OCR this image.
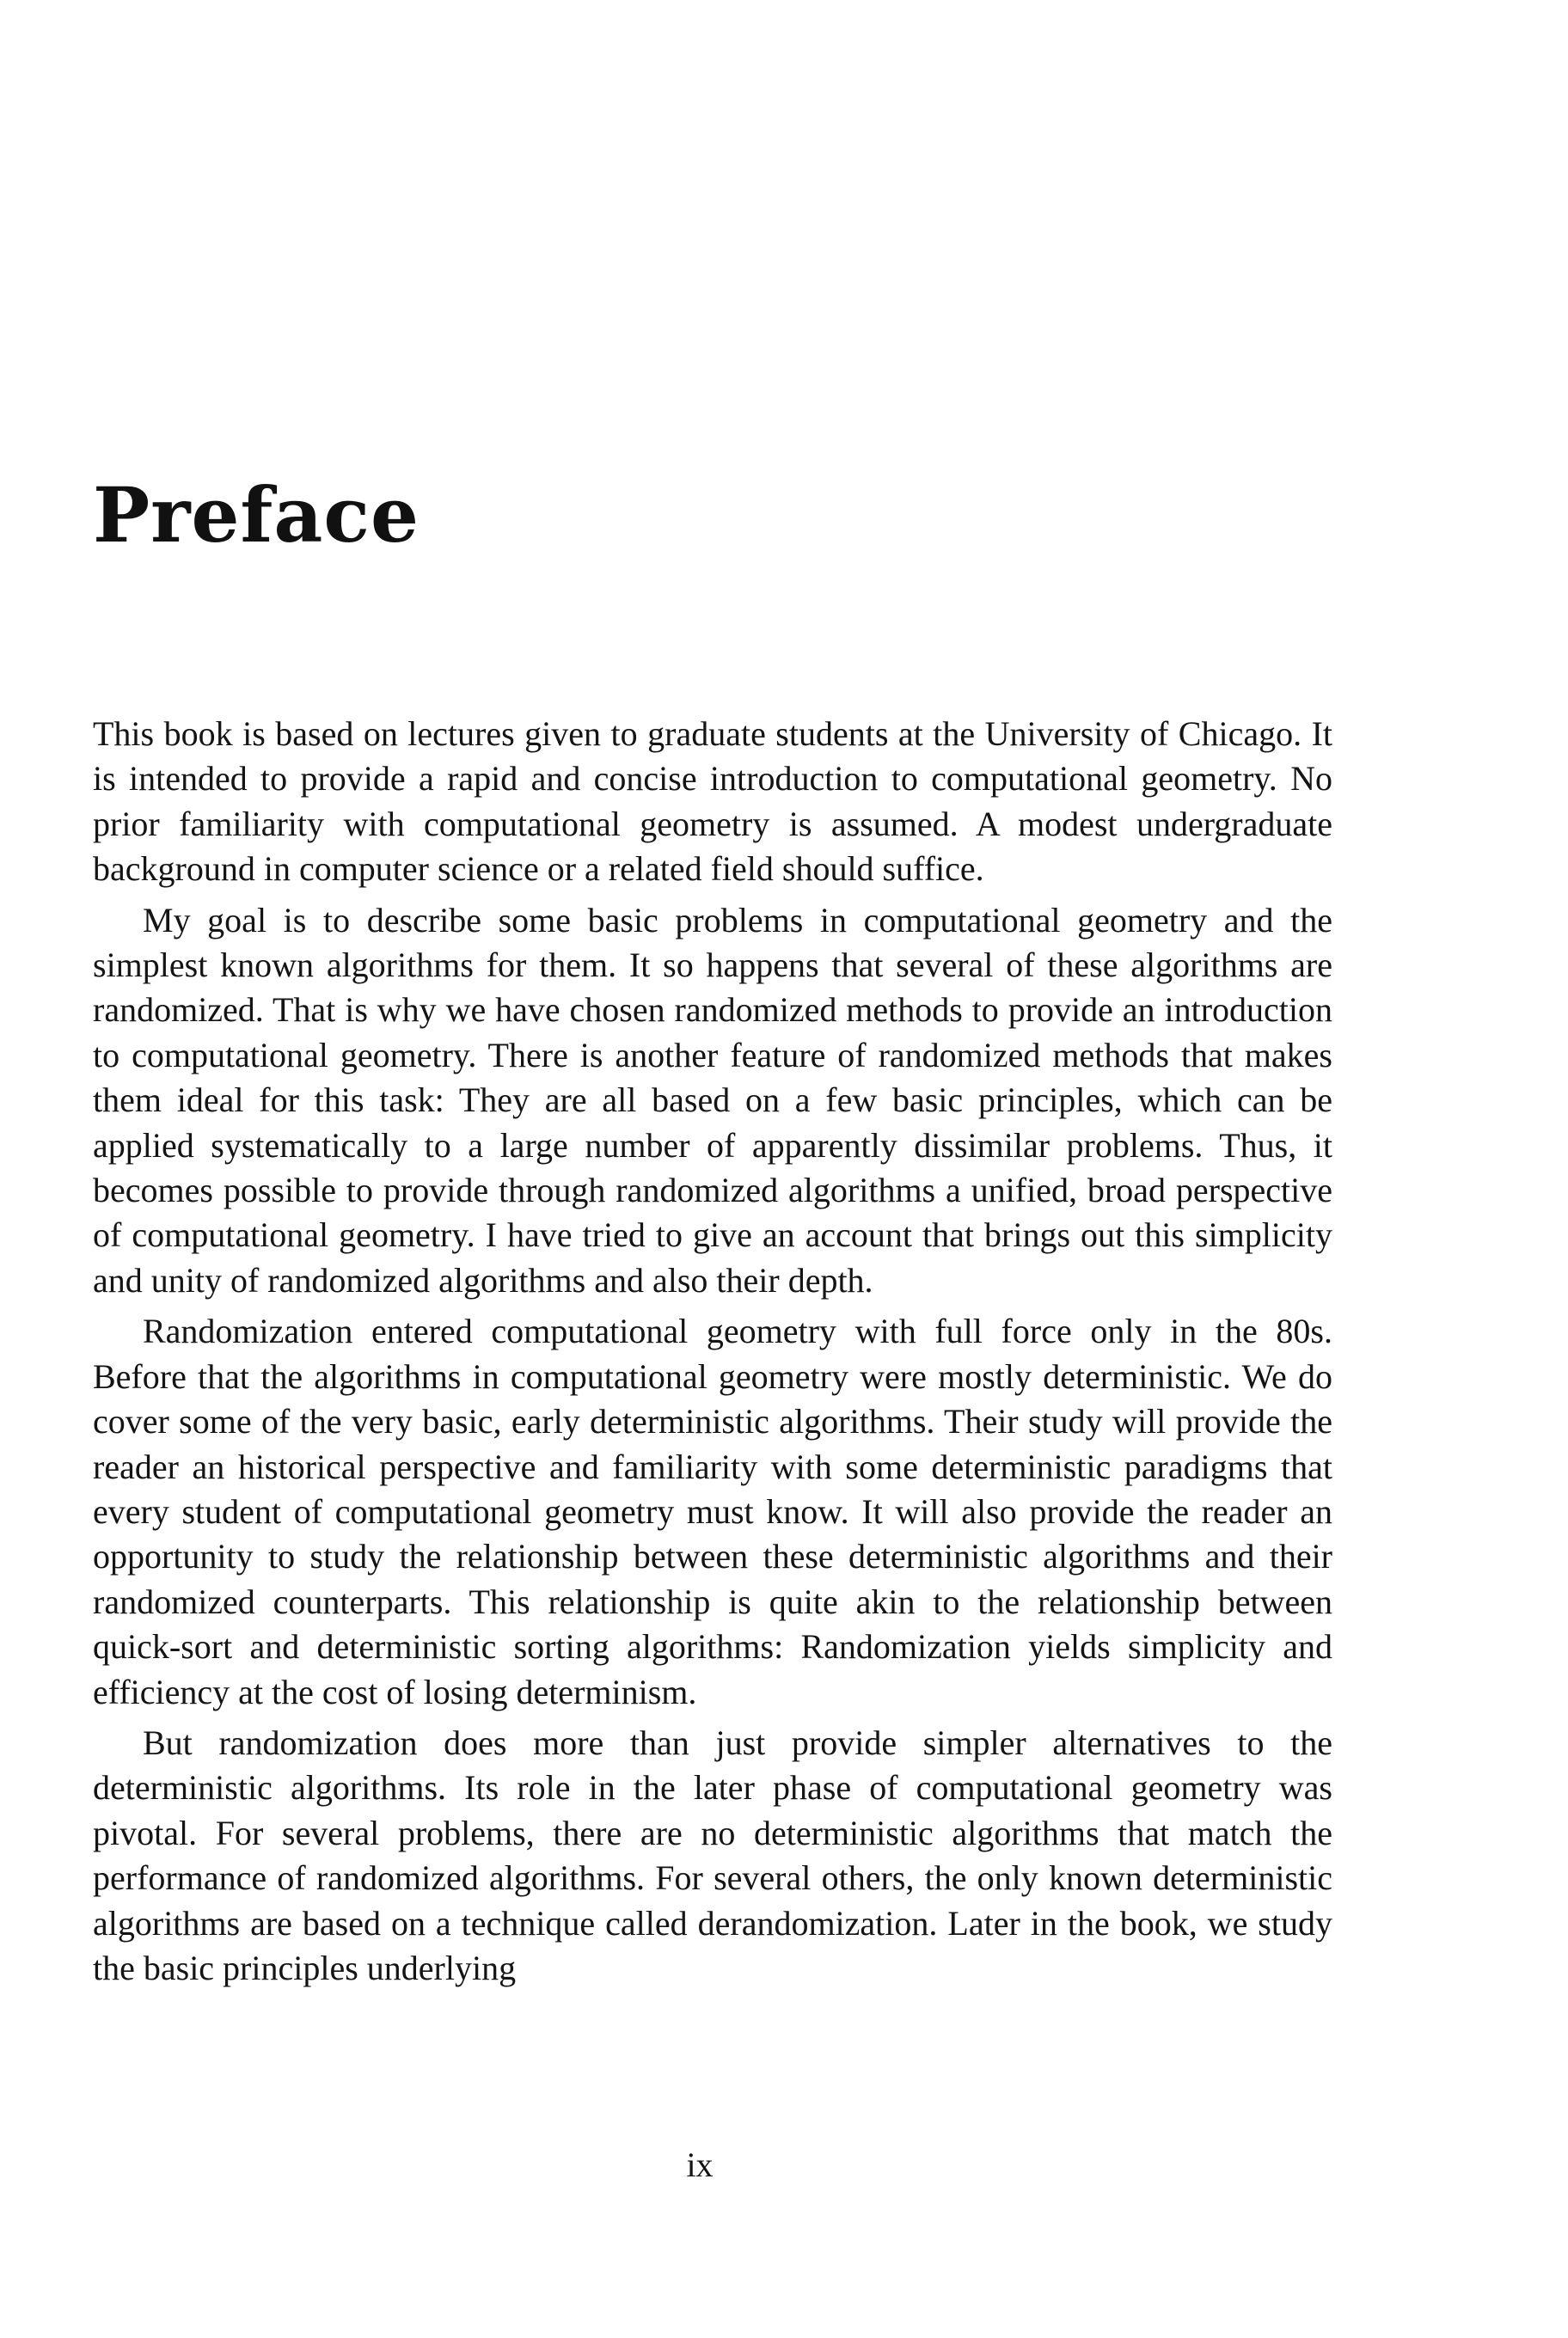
Preface

This book is based on lectures given to graduate students at the University of Chicago. It is intended to provide a rapid and concise introduction to computational geometry. No prior familiarity with computational geometry is assumed. A modest undergraduate background in computer science or a related field should suffice.

My goal is to describe some basic problems in computational geometry and the simplest known algorithms for them. It so happens that several of these algorithms are randomized. That is why we have chosen randomized methods to provide an introduction to computational geometry. There is another feature of randomized methods that makes them ideal for this task: They are all based on a few basic principles, which can be applied systematically to a large number of apparently dissimilar problems. Thus, it becomes possible to provide through randomized algorithms a unified, broad perspective of computational geometry. I have tried to give an account that brings out this simplicity and unity of randomized algorithms and also their depth.

Randomization entered computational geometry with full force only in the 80s. Before that the algorithms in computational geometry were mostly deterministic. We do cover some of the very basic, early deterministic algorithms. Their study will provide the reader an historical perspective and familiarity with some deterministic paradigms that every student of computational geometry must know. It will also provide the reader an opportunity to study the relationship between these deterministic algorithms and their randomized counterparts. This relationship is quite akin to the relationship between quick-sort and deterministic sorting algorithms: Randomization yields simplicity and efficiency at the cost of losing determinism.

But randomization does more than just provide simpler alternatives to the deterministic algorithms. Its role in the later phase of computational geometry was pivotal. For several problems, there are no deterministic algorithms that match the performance of randomized algorithms. For several others, the only known deterministic algorithms are based on a technique called derandomization. Later in the book, we study the basic principles underlying

ix
